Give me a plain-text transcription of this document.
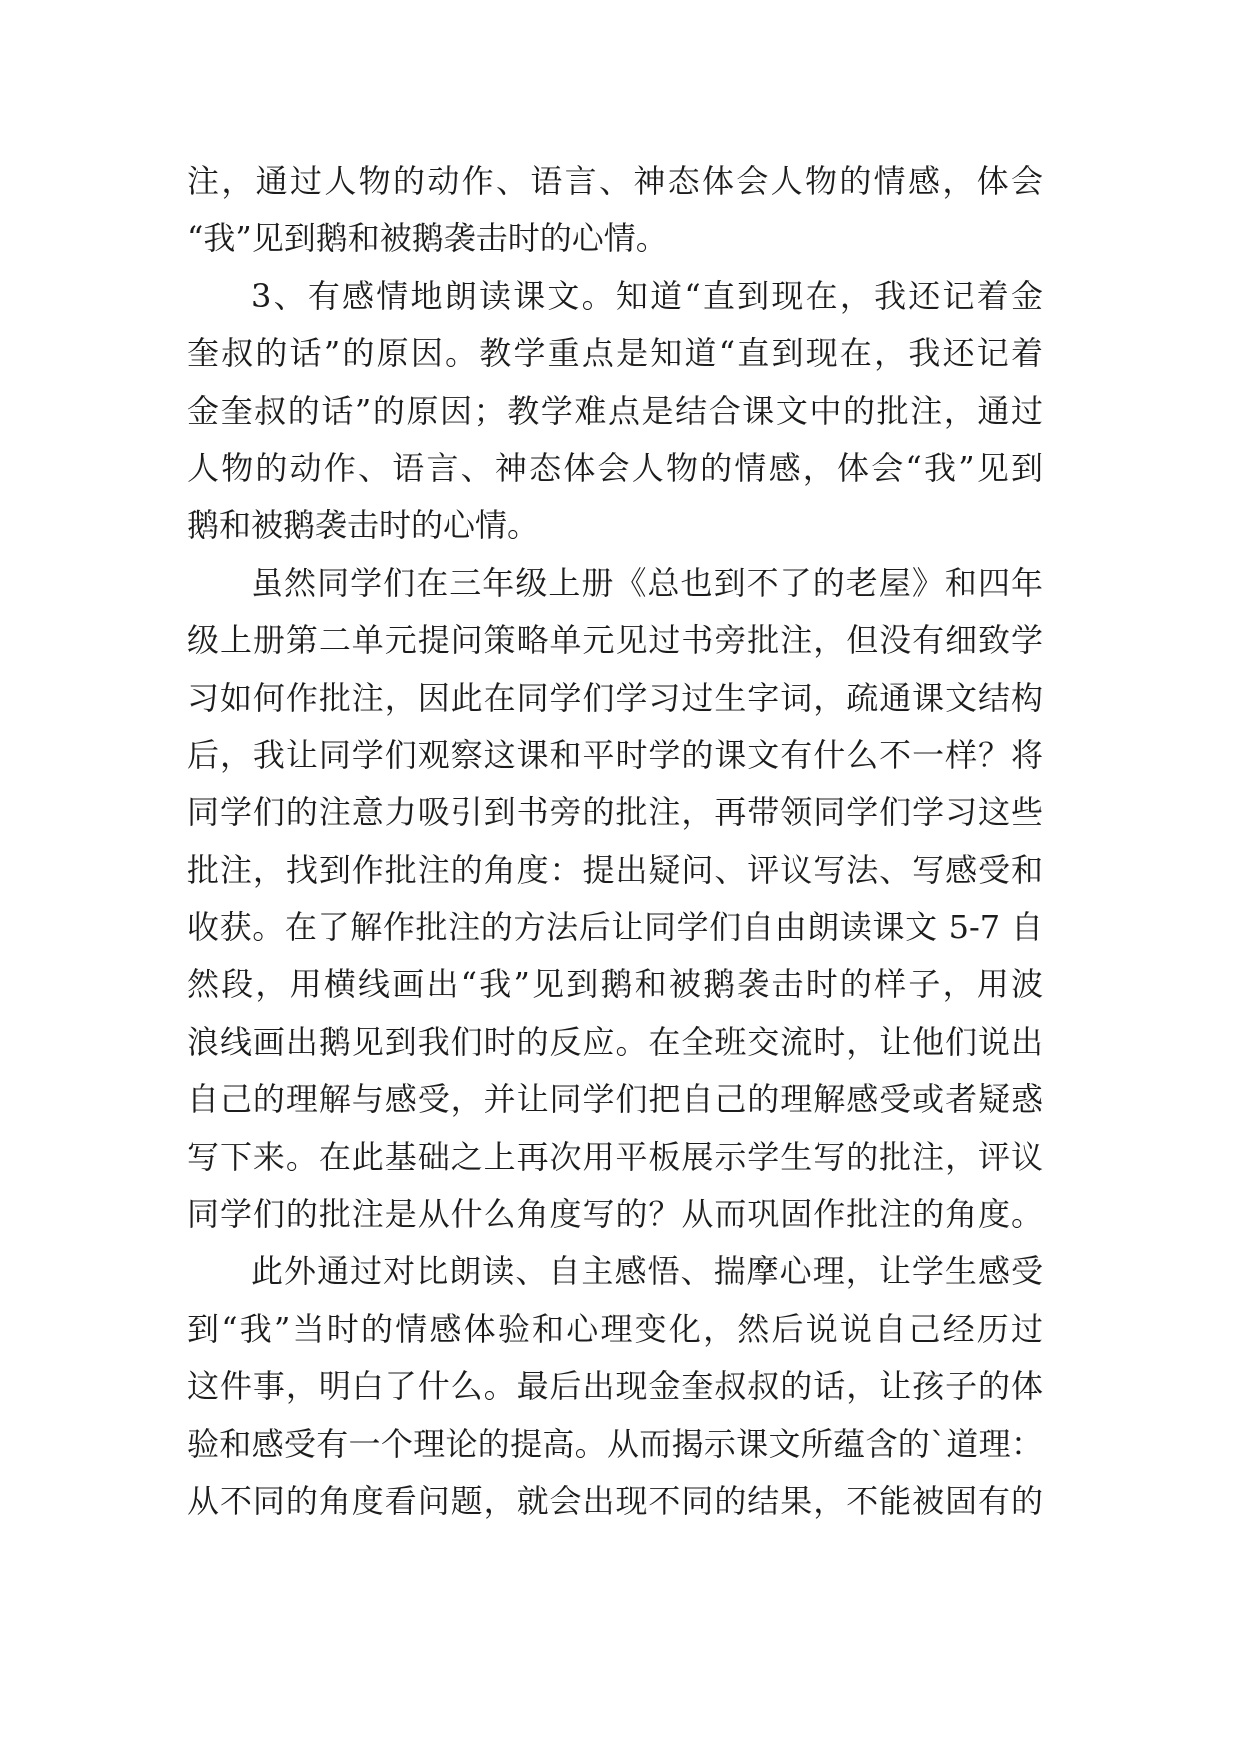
注，通过人物的动作、语言、神态体会人物的情感，体会
“我”见到鹅和被鹅袭击时的心情。
3、有感情地朗读课文。知道“直到现在，我还记着金
奎叔的话”的原因。教学重点是知道“直到现在，我还记着
金奎叔的话”的原因；教学难点是结合课文中的批注，通过
人物的动作、语言、神态体会人物的情感，体会“我”见到
鹅和被鹅袭击时的心情。
虽然同学们在三年级上册《总也到不了的老屋》和四年
级上册第二单元提问策略单元见过书旁批注，但没有细致学
习如何作批注，因此在同学们学习过生字词，疏通课文结构
后，我让同学们观察这课和平时学的课文有什么不一样？将
同学们的注意力吸引到书旁的批注，再带领同学们学习这些
批注，找到作批注的角度：提出疑问、评议写法、写感受和
收获。在了解作批注的方法后让同学们自由朗读课文 5-7 自
然段，用横线画出“我”见到鹅和被鹅袭击时的样子，用波
浪线画出鹅见到我们时的反应。在全班交流时，让他们说出
自己的理解与感受，并让同学们把自己的理解感受或者疑惑
写下来。在此基础之上再次用平板展示学生写的批注，评议
同学们的批注是从什么角度写的？从而巩固作批注的角度。
此外通过对比朗读、自主感悟、揣摩心理，让学生感受
到“我”当时的情感体验和心理变化，然后说说自己经历过
这件事，明白了什么。最后出现金奎叔叔的话，让孩子的体
验和感受有一个理论的提高。从而揭示课文所蕴含的`道理：
从不同的角度看问题，就会出现不同的结果，不能被固有的
